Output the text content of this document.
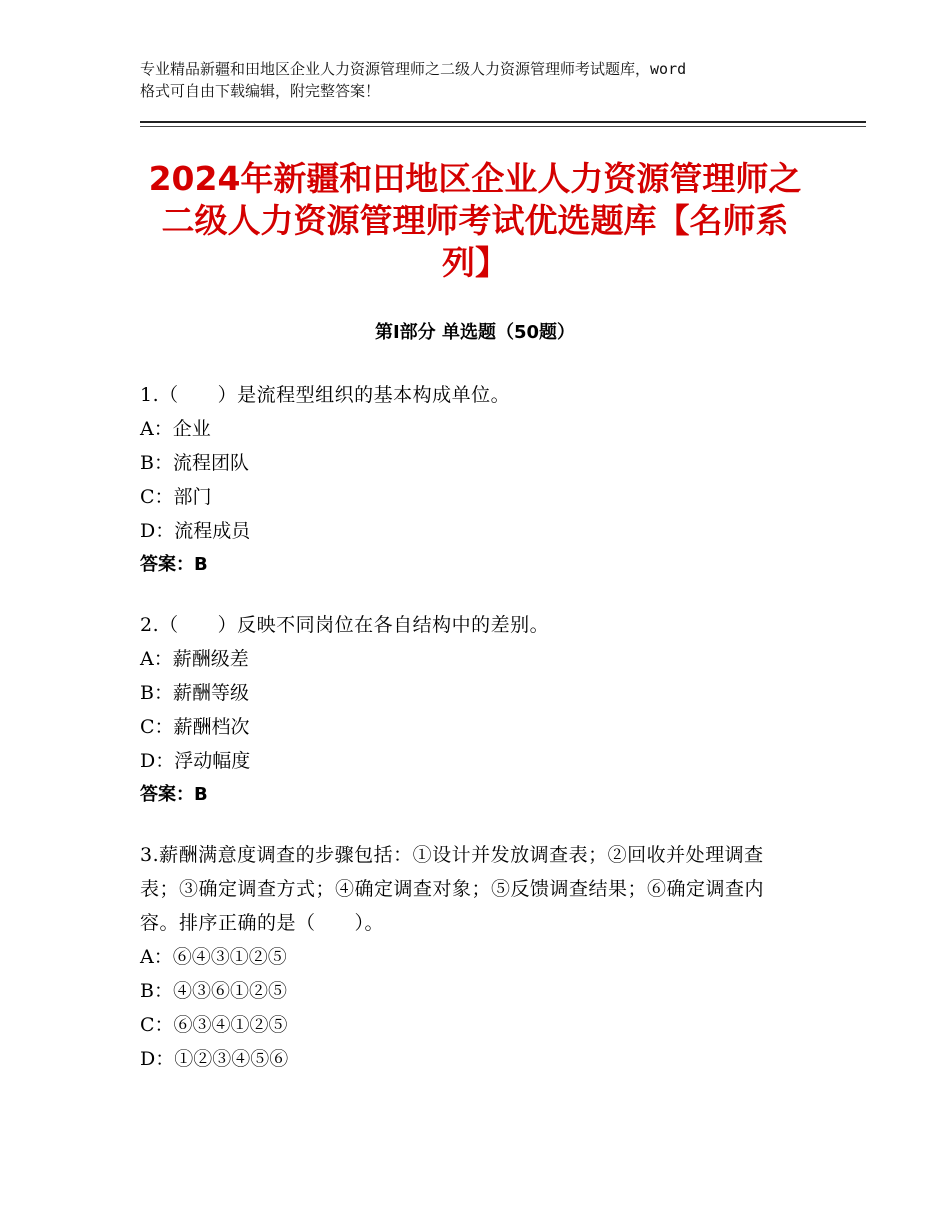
专业精品新疆和田地区企业人力资源管理师之二级人力资源管理师考试题库，word
格式可自由下载编辑，附完整答案！
2024年新疆和田地区企业人力资源管理师之
二级人力资源管理师考试优选题库【名师系
列】
第Ⅰ部分 单选题（50题）
1.（　　）是流程型组织的基本构成单位。
A：企业
B：流程团队
C：部门
D：流程成员
答案：B
2.（　　）反映不同岗位在各自结构中的差别。
A：薪酬级差
B：薪酬等级
C：薪酬档次
D：浮动幅度
答案：B
3.薪酬满意度调查的步骤包括：①设计并发放调查表；②回收并处理调查表；③确定调查方式；④确定调查对象；⑤反馈调查结果；⑥确定调查内容。排序正确的是（　　）。
A：⑥④③①②⑤
B：④③⑥①②⑤
C：⑥③④①②⑤
D：①②③④⑤⑥
